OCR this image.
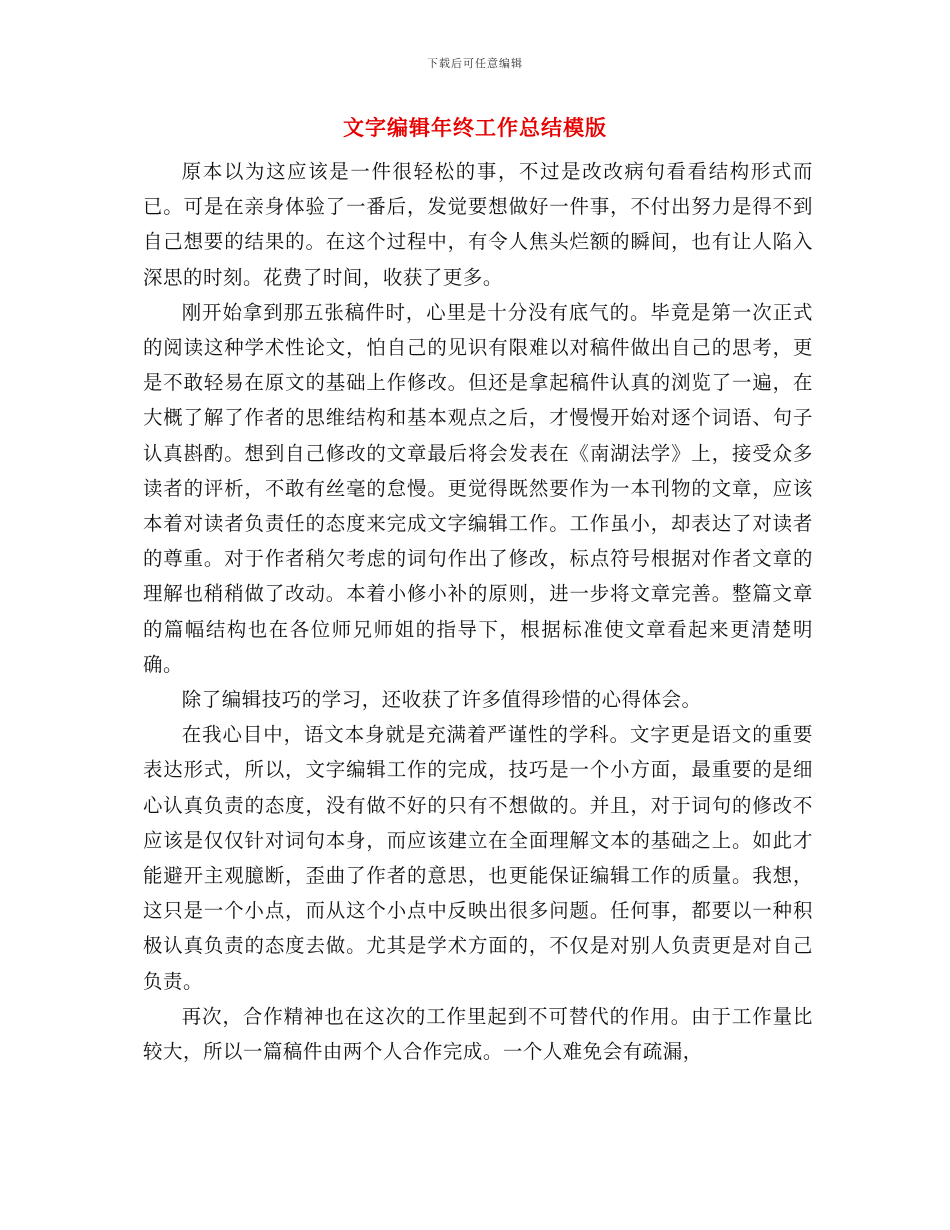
下载后可任意编辑
文字编辑年终工作总结模版

原本以为这应该是一件很轻松的事，不过是改改病句看看结构形式而已。可是在亲身体验了一番后，发觉要想做好一件事，不付出努力是得不到自己想要的结果的。在这个过程中，有令人焦头烂额的瞬间，也有让人陷入深思的时刻。花费了时间，收获了更多。

刚开始拿到那五张稿件时，心里是十分没有底气的。毕竟是第一次正式的阅读这种学术性论文，怕自己的见识有限难以对稿件做出自己的思考，更是不敢轻易在原文的基础上作修改。但还是拿起稿件认真的浏览了一遍，在大概了解了作者的思维结构和基本观点之后，才慢慢开始对逐个词语、句子认真斟酌。想到自己修改的文章最后将会发表在《南湖法学》上，接受众多读者的评析，不敢有丝毫的怠慢。更觉得既然要作为一本刊物的文章，应该本着对读者负责任的态度来完成文字编辑工作。工作虽小，却表达了对读者的尊重。对于作者稍欠考虑的词句作出了修改，标点符号根据对作者文章的理解也稍稍做了改动。本着小修小补的原则，进一步将文章完善。整篇文章的篇幅结构也在各位师兄师姐的指导下，根据标准使文章看起来更清楚明确。

除了编辑技巧的学习，还收获了许多值得珍惜的心得体会。

在我心目中，语文本身就是充满着严谨性的学科。文字更是语文的重要表达形式，所以，文字编辑工作的完成，技巧是一个小方面，最重要的是细心认真负责的态度，没有做不好的只有不想做的。并且，对于词句的修改不应该是仅仅针对词句本身，而应该建立在全面理解文本的基础之上。如此才能避开主观臆断，歪曲了作者的意思，也更能保证编辑工作的质量。我想，这只是一个小点，而从这个小点中反映出很多问题。任何事，都要以一种积极认真负责的态度去做。尤其是学术方面的，不仅是对别人负责更是对自己负责。

再次，合作精神也在这次的工作里起到不可替代的作用。由于工作量比较大，所以一篇稿件由两个人合作完成。一个人难免会有疏漏，
